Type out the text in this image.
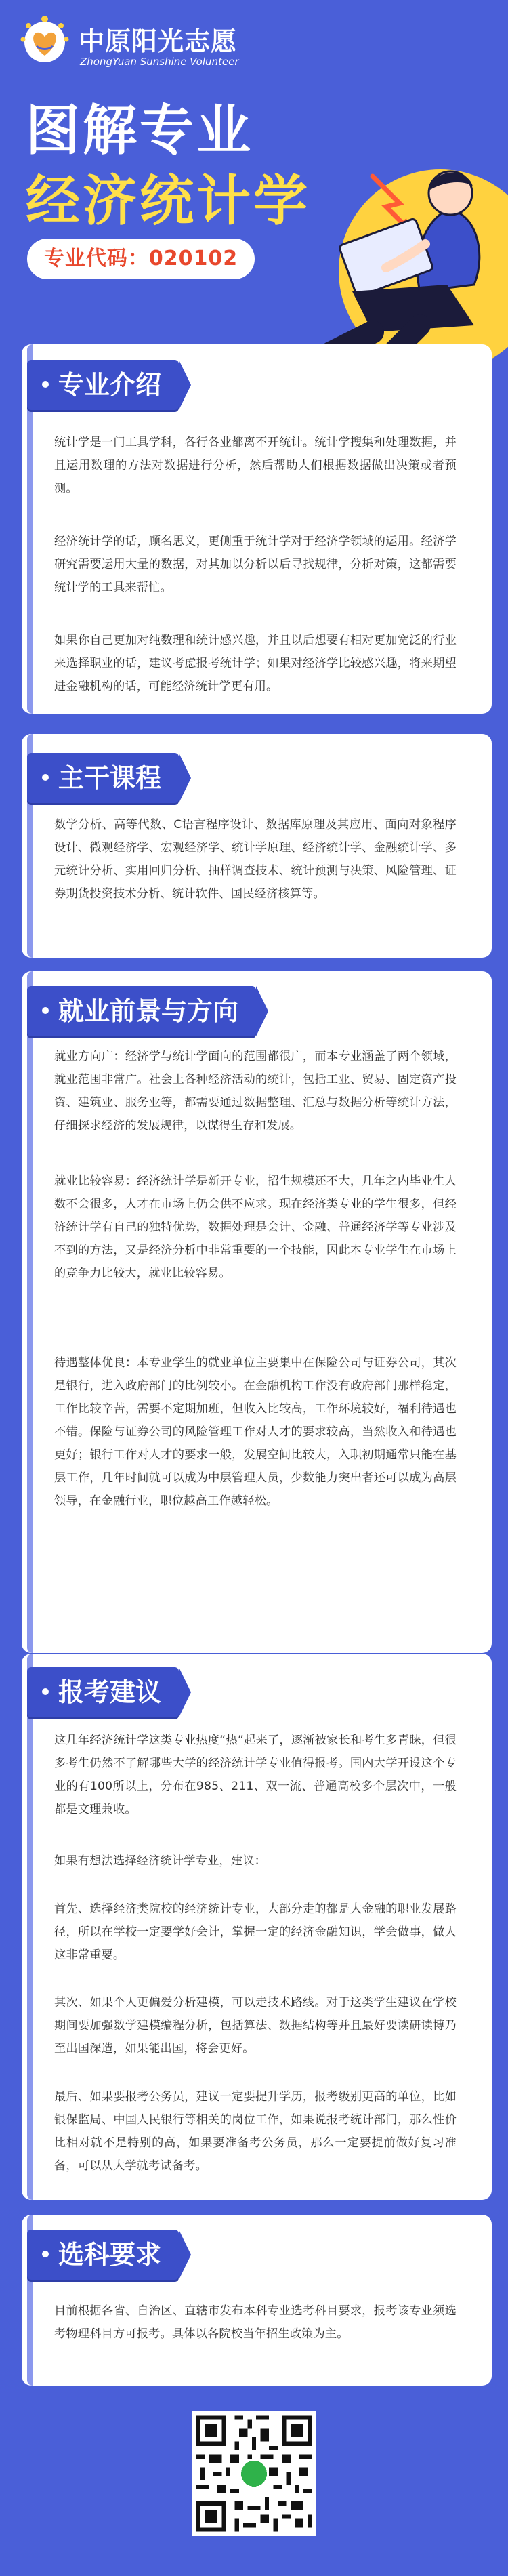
中原阳光志愿
ZhongYuan Sunshine Volunteer
图解专业
经济统计学
专业代码：020102
专业介绍
统计学是一门工具学科，各行各业都离不开统计。统计学搜集和处理数据，并且运用数理的方法对数据进行分析，然后帮助人们根据数据做出决策或者预测。
经济统计学的话，顾名思义，更侧重于统计学对于经济学领域的运用。经济学研究需要运用大量的数据，对其加以分析以后寻找规律，分析对策，这都需要统计学的工具来帮忙。
如果你自己更加对纯数理和统计感兴趣，并且以后想要有相对更加宽泛的行业来选择职业的话，建议考虑报考统计学；如果对经济学比较感兴趣，将来期望进金融机构的话，可能经济统计学更有用。
主干课程
数学分析、高等代数、C语言程序设计、数据库原理及其应用、面向对象程序设计、微观经济学、宏观经济学、统计学原理、经济统计学、金融统计学、多元统计分析、实用回归分析、抽样调查技术、统计预测与决策、风险管理、证券期货投资技术分析、统计软件、国民经济核算等。
就业前景与方向
就业方向广：经济学与统计学面向的范围都很广，而本专业涵盖了两个领域，就业范围非常广。社会上各种经济活动的统计，包括工业、贸易、固定资产投资、建筑业、服务业等，都需要通过数据整理、汇总与数据分析等统计方法，仔细探求经济的发展规律，以谋得生存和发展。
就业比较容易：经济统计学是新开专业，招生规模还不大，几年之内毕业生人数不会很多，人才在市场上仍会供不应求。现在经济类专业的学生很多，但经济统计学有自己的独特优势，数据处理是会计、金融、普通经济学等专业涉及不到的方法，又是经济分析中非常重要的一个技能，因此本专业学生在市场上的竞争力比较大，就业比较容易。
待遇整体优良：本专业学生的就业单位主要集中在保险公司与证券公司，其次是银行，进入政府部门的比例较小。在金融机构工作没有政府部门那样稳定，工作比较辛苦，需要不定期加班，但收入比较高，工作环境较好，福利待遇也不错。保险与证券公司的风险管理工作对人才的要求较高，当然收入和待遇也更好；银行工作对人才的要求一般，发展空间比较大，入职初期通常只能在基层工作，几年时间就可以成为中层管理人员，少数能力突出者还可以成为高层领导，在金融行业，职位越高工作越轻松。
报考建议
这几年经济统计学这类专业热度“热”起来了，逐渐被家长和考生多青睐，但很多考生仍然不了解哪些大学的经济统计学专业值得报考。国内大学开设这个专业的有100所以上，分布在985、211、双一流、普通高校多个层次中，一般都是文理兼收。
如果有想法选择经济统计学专业，建议：
首先、选择经济类院校的经济统计专业，大部分走的都是大金融的职业发展路径，所以在学校一定要学好会计，掌握一定的经济金融知识，学会做事，做人这非常重要。
其次、如果个人更偏爱分析建模，可以走技术路线。对于这类学生建议在学校期间要加强数学建模编程分析，包括算法、数据结构等并且最好要读研读博乃至出国深造，如果能出国，将会更好。
最后、如果要报考公务员，建议一定要提升学历，报考级别更高的单位，比如银保监局、中国人民银行等相关的岗位工作，如果说报考统计部门，那么性价比相对就不是特别的高，如果要准备考公务员，那么一定要提前做好复习准备，可以从大学就考试备考。
选科要求
目前根据各省、自治区、直辖市发布本科专业选考科目要求，报考该专业须选考物理科目方可报考。具体以各院校当年招生政策为主。
